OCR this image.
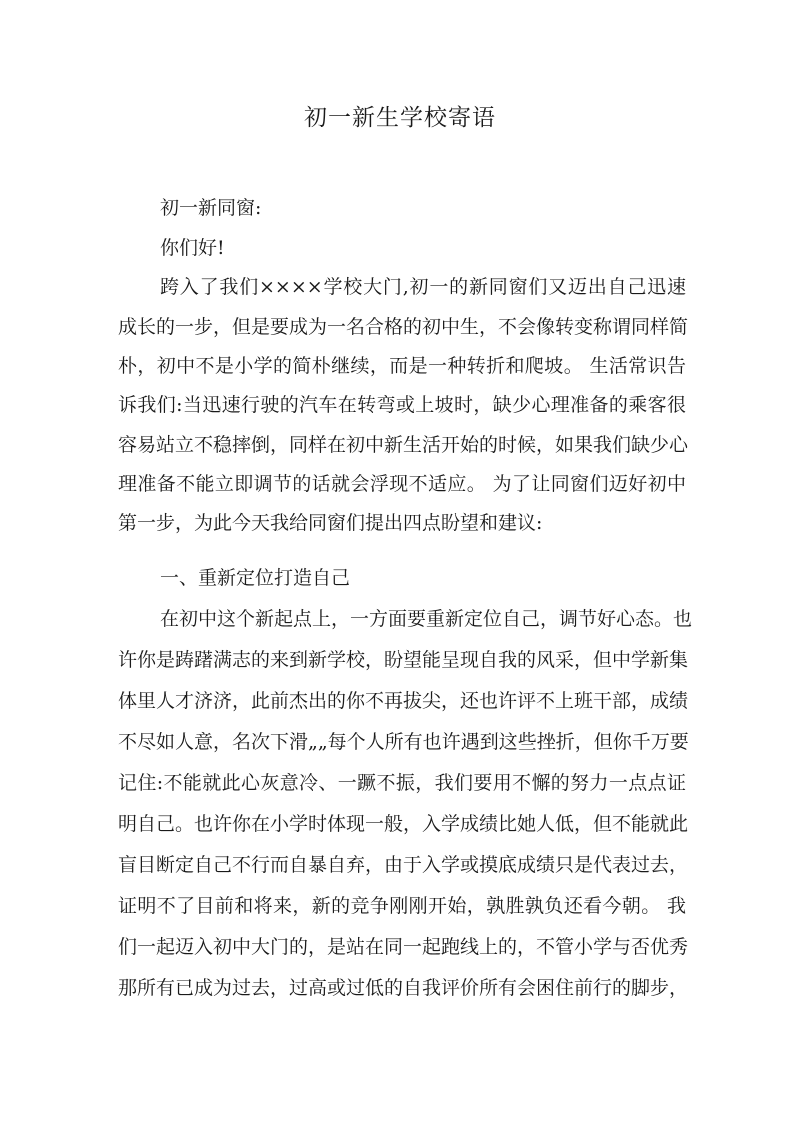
初一新生学校寄语

初一新同窗:

你们好!

跨入了我们××××学校大门,初一的新同窗们又迈出自己迅速

成长的一步，但是要成为一名合格的初中生，不会像转变称谓同样简

朴，初中不是小学的简朴继续，而是一种转折和爬坡。 生活常识告

诉我们:当迅速行驶的汽车在转弯或上坡时，缺少心理准备的乘客很

容易站立不稳摔倒，同样在初中新生活开始的时候，如果我们缺少心

理准备不能立即调节的话就会浮现不适应。 为了让同窗们迈好初中

第一步，为此今天我给同窗们提出四点盼望和建议:

一、重新定位打造自己

在初中这个新起点上，一方面要重新定位自己，调节好心态。也

许你是踌躇满志的来到新学校，盼望能呈现自我的风采，但中学新集

体里人才济济，此前杰出的你不再拔尖，还也许评不上班干部，成绩

不尽如人意，名次下滑„„每个人所有也许遇到这些挫折，但你千万要

记住:不能就此心灰意冷、一蹶不振，我们要用不懈的努力一点点证

明自己。也许你在小学时体现一般，入学成绩比她人低，但不能就此

盲目断定自己不行而自暴自弃，由于入学或摸底成绩只是代表过去，

证明不了目前和将来，新的竞争刚刚开始，孰胜孰负还看今朝。 我

们一起迈入初中大门的，是站在同一起跑线上的，不管小学与否优秀

那所有已成为过去，过高或过低的自我评价所有会困住前行的脚步，
